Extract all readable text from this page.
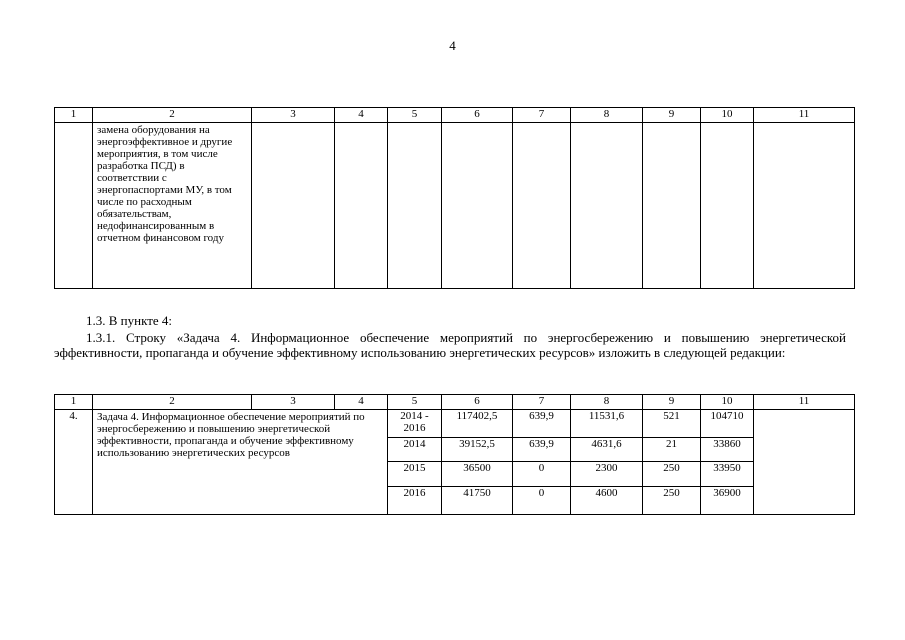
4
1	2	3	4	5	6	7	8	9	10	11
	замена оборудования на энергоэффективное и другие мероприятия, в том числе разработка ПСД) в соответствии с энергопаспортами МУ, в том числе по расходным обязательствам, недофинансированным в отчетном финансовом году									
1.3. В пункте 4:
1.3.1. Строку «Задача 4. Информационное обеспечение мероприятий по энергосбережению и повышению энергетической эффективности, пропаганда и обучение эффективному использованию энергетических ресурсов» изложить в следующей редакции:
1	2	3	4	5	6	7	8	9	10	11
4.	Задача 4. Информационное обеспечение мероприятий по энергосбережению и повышению энергетической эффективности, пропаганда и обучение эффективному использованию энергетических ресурсов			2014 - 2016	117402,5	639,9	11531,6	521	104710	
				2014	39152,5	639,9	4631,6	21	33860	
				2015	36500	0	2300	250	33950	
				2016	41750	0	4600	250	36900	
